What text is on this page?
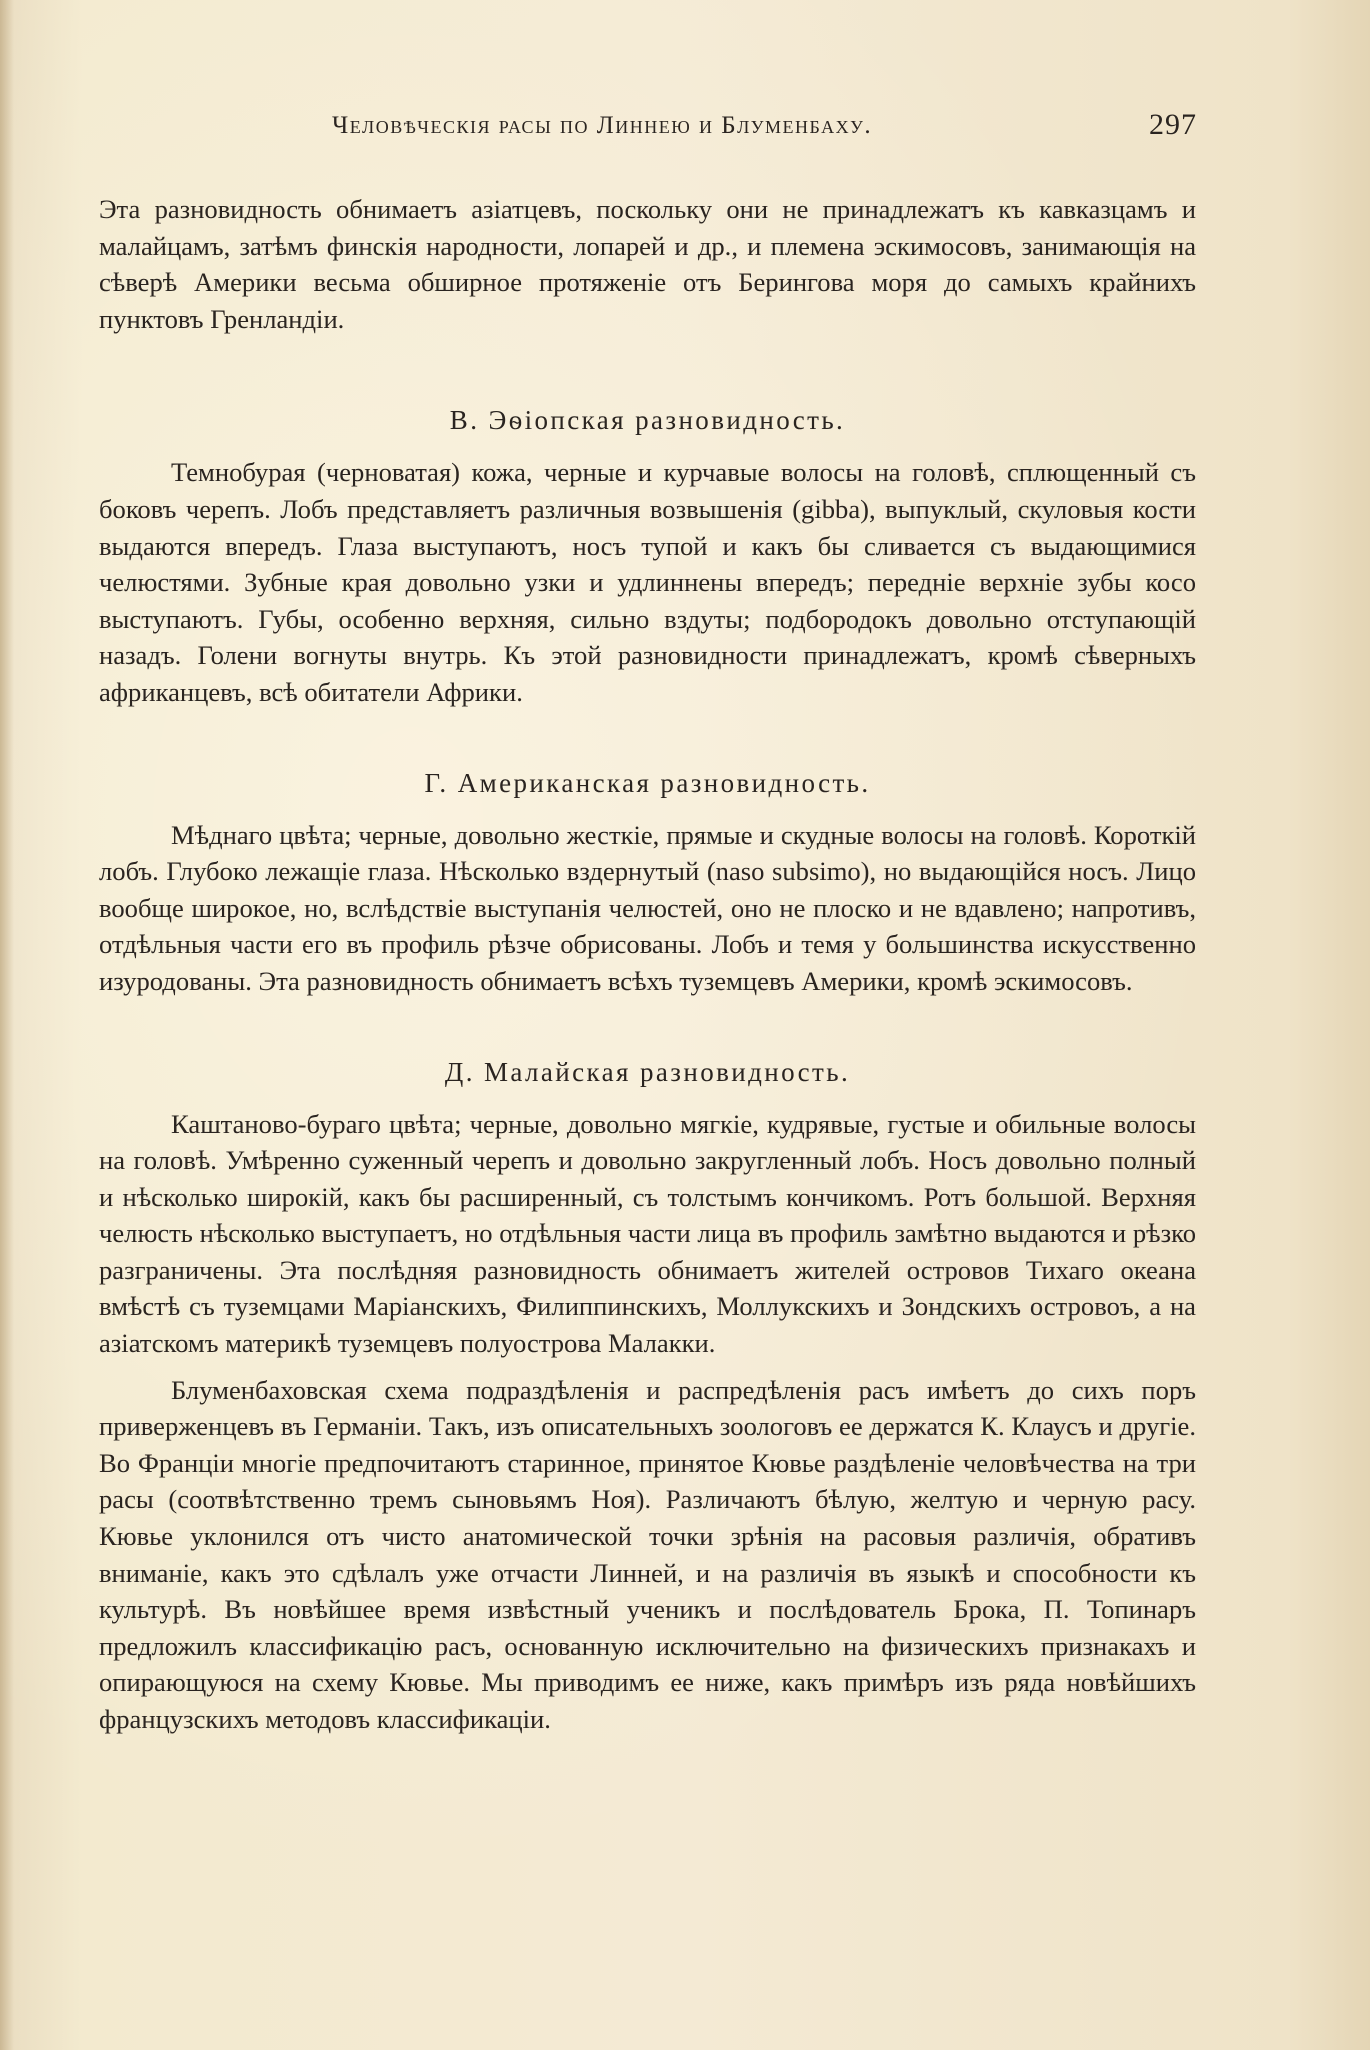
Человѣческія расы по Линнею и Блуменбаху.	297

Эта разновидность обнимаетъ азіатцевъ, поскольку они не принадлежатъ къ кавказцамъ и малайцамъ, затѣмъ финскія народности, лопарей и др., и племена эскимосовъ, занимающія на сѣверѣ Америки весьма обширное протяженіе отъ Берингова моря до самыхъ крайнихъ пунктовъ Гренландіи.

В. Эѳіопская разновидность.

Темнобурая (черноватая) кожа, черные и курчавые волосы на головѣ, сплющенный съ боковъ черепъ. Лобъ представляетъ различныя возвышенія (gibba), выпуклый, скуловыя кости выдаются впередъ. Глаза выступаютъ, носъ тупой и какъ бы сливается съ выдающимися челюстями. Зубные края довольно узки и удлиннены впередъ; передніе верхніе зубы косо выступаютъ. Губы, особенно верхняя, сильно вздуты; подбородокъ довольно отступающій назадъ. Голени вогнуты внутрь. Къ этой разновидности принадлежатъ, кромѣ сѣверныхъ африканцевъ, всѣ обитатели Африки.

Г. Американская разновидность.

Мѣднаго цвѣта; черные, довольно жесткіе, прямые и скудные волосы на головѣ. Короткій лобъ. Глубоко лежащіе глаза. Нѣсколько вздернутый (naso subsimo), но выдающійся носъ. Лицо вообще широкое, но, вслѣдствіе выступанія челюстей, оно не плоско и не вдавлено; напротивъ, отдѣльныя части его въ профиль рѣзче обрисованы. Лобъ и темя у большинства искусственно изуродованы. Эта разновидность обнимаетъ всѣхъ туземцевъ Америки, кромѣ эскимосовъ.

Д. Малайская разновидность.

Каштаново-бураго цвѣта; черные, довольно мягкіе, кудрявые, густые и обильные волосы на головѣ. Умѣренно суженный черепъ и довольно закругленный лобъ. Носъ довольно полный и нѣсколько широкій, какъ бы расширенный, съ толстымъ кончикомъ. Ротъ большой. Верхняя челюсть нѣсколько выступаетъ, но отдѣльныя части лица въ профиль замѣтно выдаются и рѣзко разграничены. Эта послѣдняя разновидность обнимаетъ жителей островов Тихаго океана вмѣстѣ съ туземцами Маріанскихъ, Филиппинскихъ, Моллукскихъ и Зондскихъ островоъ, а на азіатскомъ материкѣ туземцевъ полуострова Малакки.

Блуменбаховская схема подраздѣленія и распредѣленія расъ имѣетъ до сихъ поръ приверженцевъ въ Германіи. Такъ, изъ описательныхъ зоологовъ ее держатся К. Клаусъ и другіе. Во Франціи многіе предпочитаютъ старинное, принятое Кювье раздѣленіе человѣчества на три расы (соотвѣтственно тремъ сыновьямъ Ноя). Различаютъ бѣлую, желтую и черную расу. Кювье уклонился отъ чисто анатомической точки зрѣнія на расовыя различія, обративъ вниманіе, какъ это сдѣлалъ уже отчасти Линней, и на различія въ языкѣ и способности къ культурѣ. Въ новѣйшее время извѣстный ученикъ и послѣдователь Брока, П. Топинаръ предложилъ классификацію расъ, основанную исключительно на физическихъ признакахъ и опирающуюся на схему Кювье. Мы приводимъ ее ниже, какъ примѣръ изъ ряда новѣйшихъ французскихъ методовъ классификаціи.
